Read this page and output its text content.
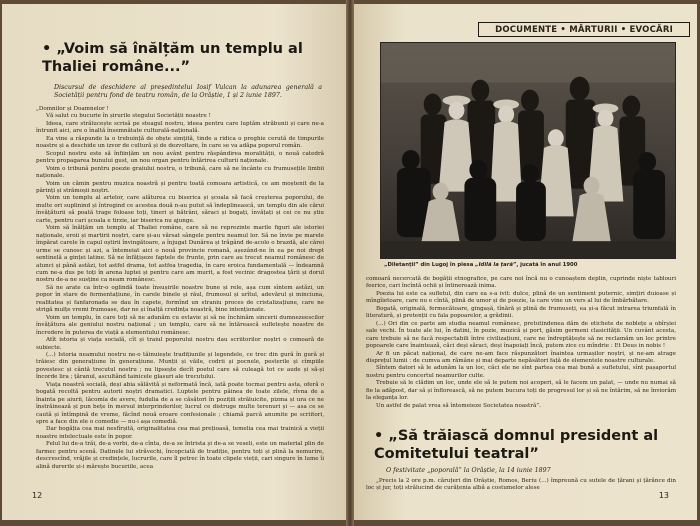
• „Voim să înălțăm un templu al Thaliei române...”
Discursul de deschidere al președintelui Iosif Vulcan la adunarea generală a Societății pentru fond de teatru român, de la Orăștie, 1 și 2 iunie 1897.

„Domnilor și Doamnelor !

Vă salut cu bucurie în șirurile stegului Societății noastre !

Ideea, care strălucește scrisă pe steagul nostru, ideea pentru care luptăm străbunii și care ne-a întrunit aici, are o înaltă însemnătate culturală-națională.

Ea vine a răspunde la o trebuință de obște simțită, tinde a ridica o preghie cerută de timpurile noastre și a deschide un izvor de cultură și de dezvoltare, în care se va adăpa poporul român.

Scopul nostru este să înființăm un nou avânt pentru răspândirea moralității, o nouă catedră pentru propagarea bunului gust, un nou organ pentru întărirea culturii naționale.

Voim o tribună pentru poezie graiului nostru, o tribună, care să ne încânte cu frumusețile limbii naționale.

Voim un cămin pentru muzica noastră și pentru toată comoara artistică, ce am moștenit de la părinți și strămoșii noștri.

Voim un templu al artelor, care alăturea cu biserica și școala să facă creșterea poporului, de multe ori suplinind și întregind ce acestea două n-au putut să îndeplinească, un templu din ale cărui învățăturii să poată trage foloase toți, tineri și bătrâni, săraci și bogați, învățați și cei ce nu știu carte, pentru cari școala e tirzie, iar biserica nu ajunge.

Voim să înălțăm un templu al Thaliei române, care să ne reprezinte marile figuri ale istoriei naționale, eroii și martirii noștri, care și-au vărsat sângele pentru neamul lor. Să ne învie pe marele împărat carele în capul oștirii învingătoare, a înjugat Dunărea și trăgând de-acolo o brazdă, ale cărei urme se cunosc și azi, a întemeiat aici o nouă provincie romană, așezând-ne în ea pe noi drept sentinelă a ginței latine. Să ne înfățișeze faptele de frunte, prin care au trecut neamul românesc de atunci și până astăzi, tot astfel drama, tot astfea tragedia, în care eroica fundamentală — îndeamnă cum ne-a dus pe toți în arena luptei și pentru care am murit, a fost vecinic dragostea țării și dorul nostru de-a ne susține ca neam românesc.

Să ne arate ca într-o oglindă toate însușirile noastre bune și rele, așa cum sîntem astăzi, un popor în stare de fermentațiune, în carele binele și răul, frumosul și urîtul, adevărul și minciuna, realitatea și fanfaronada se dau în capete, formînd un straniu proces de cristalizațiune, care ne strigă mulțe vremi frumoase, dar ne și înalță credința noastră, bine intenționate.

Voim un templu, în care toți să ne adunăm cu evlavie și să ne închinăm sincerii dumnezeescilor învățătura ale geniului nostru național ; un templu, care să ne întărească sufletește noastre de încredere în puterea de viață a elementului românesc.

Atît istoria și viața socială, cît și traiul poporului nostru dau scriitorilor noștri o comoară de subiecte.

(...) Istoria neamului nostru ne-o tăinuiește tradițiunile și legendele, ce trec din gură în gură și trăiesc din generațiune în generațiune. Munții și văile, codrii și pocnele, pesterile și cîmpiile povestesc și cântă trecutul nostru ; nu lipsește decît poetul care să culeagă tot ce aude și să-și încorde lira ; țăranul, ascultând tainicele glasuri ale trecutului.

Viața noastră socială, deși abia sălăvită și neformată încă, iată poate tocmai pentru asta, oferă o bogată recoltă pentru autorii noștri dramatici. Luptele pentru pâinea de toate zilele, rîvna de a înainta pe aiurii, lăcomia de avere, fudulia de a se căsători în pozițiii străluicite, pizma și ura ce ne înstrăinează și pun bețe în mersul interprinderilor, lucrul ce distruge multe terenuri și — asa ce se caută și întîmpină de vreme, făcînd nouă eroare confesionale ; chiamă parcă anumite pe scriitori, spre a face din ele o comedie — nu-i așa comediă.

Dar bogăția cea mai nesfîrșită, originalitatea cea mai prețioasă, temelia cea mai trainică a vieții noastre intelectuale este în popor.

Felul lui de-a trăi, de-a vorbi, de-a cînta, de-a se întrista și de-a se veseli, este un material plin de farmec pentru scenă. Datinele lui străvechi, încopciată de tradiție, pentru toți și plină la nemurire, descrescînd, vrăjile și credințele, lucrurile, care îl petrec în toate clipele vieții, cari singure în lume îi alină durerile și-i mărește bucuriile, acea

12
DOCUMENTE • MĂRTURII • EVOCĂRI
„Diletanții” din Lugoj în piesa „Idilă la țară”, jucată în anul 1900

comoară necercată de bogății etnografice, pe care noi încă nu o cunoaștem deplin, cuprinde niște tablouri feerice, cari încîntă ochii și întinerează inima.

Poezia lui este ca sufletul, din care ea s-a ivit: dulce, plină de un sentiment puternic, simțiri duioase și mîngîietoare, care nu e cîntă, plină de umor și de poezie, la care vine un vers al lui de îmbărbătare.

Bogată, originală, fermecătoare, gingașă, tînără și plină de frumuseți, ea și-a făcut intrarea triumfală în literatură, și pretenții cu fala popoarelor, a grădinii.

(...) Ori din ce parte am studia neamul românesc, pretutindenea dăm de etichete de noblețe a obîrșiei sale vechi. În toate ale lui, în datini, în pozie, muzică și port, găsim germeni clasicității. Un cuvânt acesta, care trebuie să ne facă respectabili între civilizațiuni, care ne îndreptățește să ne reclamăm un loc printre popoarele care înaintează, căci deși săraci, deși înapoiați încă, putem zice cu mîndrie : Et Deus in nobis !

Ar fi un păcat național, de care ne-am face răspunzători înaintea urmașilor noștri, și ne-am atrage disprețul lumii : de cumva am rămâne și mai departe nepăsători față de elementele noastre culturale.

Sîntem datori să le adunăm la un loc, căci ele ne sînt partea cea mai bună a sufletului, sînt pașaportul nostru pentru concertul neamurilor culte.

Trebuie să le clădim un loc, unde ele să le putem noi acoperi, să le facem un palat, — unde nu numai să fie la adăpost, dar să și înflorească, să ne putem bucura toți de progresul lor și să ne întărim, să ne înviorăm la eleganța lor.

Un astfel de palat vrea să întemeieze Societatea noastră”.

• „Să trăiască domnul president al Comitetului teatral”
O festivitate „poporală” la Orăștie, la 14 iunie 1897

„Precis la 2 ore p.m. căruțeri din Orăștie, Romos, Beriu (...) împreună cu sutele de țărani și țărănce din loc și jur, toți strălucind de curățenia albă a costumelor alese

13
